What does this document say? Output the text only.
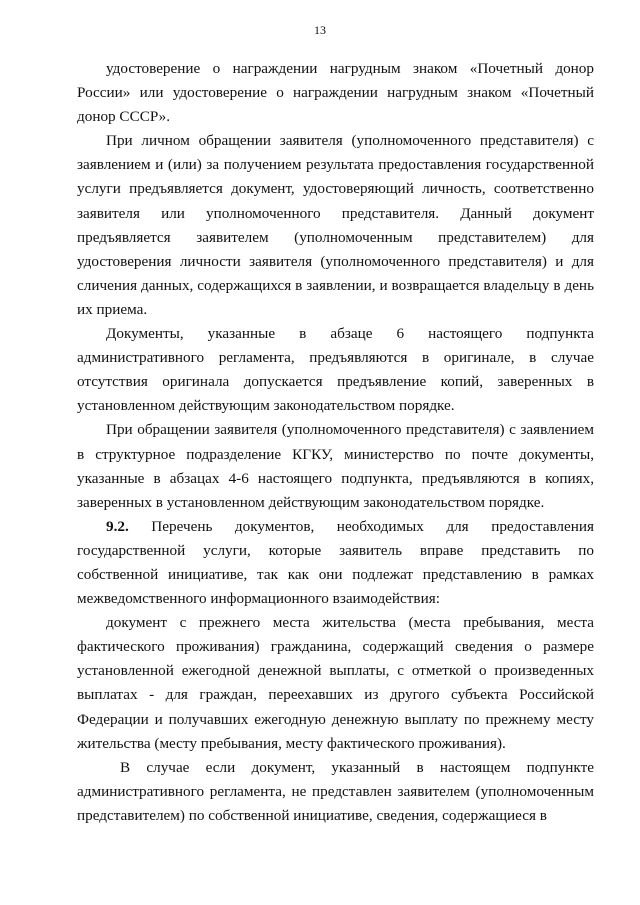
13

удостоверение о награждении нагрудным знаком «Почетный донор России» или удостоверение о награждении нагрудным знаком «Почетный донор СССР».

При личном обращении заявителя (уполномоченного представителя) с заявлением и (или) за получением результата предоставления государственной услуги предъявляется документ, удостоверяющий личность, соответственно заявителя или уполномоченного представителя. Данный документ предъявляется заявителем (уполномоченным представителем) для удостоверения личности заявителя (уполномоченного представителя) и для сличения данных, содержащихся в заявлении, и возвращается владельцу в день их приема.

Документы, указанные в абзаце 6 настоящего подпункта административного регламента, предъявляются в оригинале, в случае отсутствия оригинала допускается предъявление копий, заверенных в установленном действующим законодательством порядке.

При обращении заявителя (уполномоченного представителя) с заявлением в структурное подразделение КГКУ, министерство по почте документы, указанные в абзацах 4-6 настоящего подпункта, предъявляются в копиях, заверенных в установленном действующим законодательством порядке.

9.2. Перечень документов, необходимых для предоставления государственной услуги, которые заявитель вправе представить по собственной инициативе, так как они подлежат представлению в рамках межведомственного информационного взаимодействия:

документ с прежнего места жительства (места пребывания, места фактического проживания) гражданина, содержащий сведения о размере установленной ежегодной денежной выплаты, с отметкой о произведенных выплатах - для граждан, переехавших из другого субъекта Российской Федерации и получавших ежегодную денежную выплату по прежнему месту жительства (месту пребывания, месту фактического проживания).

В случае если документ, указанный в настоящем подпункте административного регламента, не представлен заявителем (уполномоченным представителем) по собственной инициативе, сведения, содержащиеся в
